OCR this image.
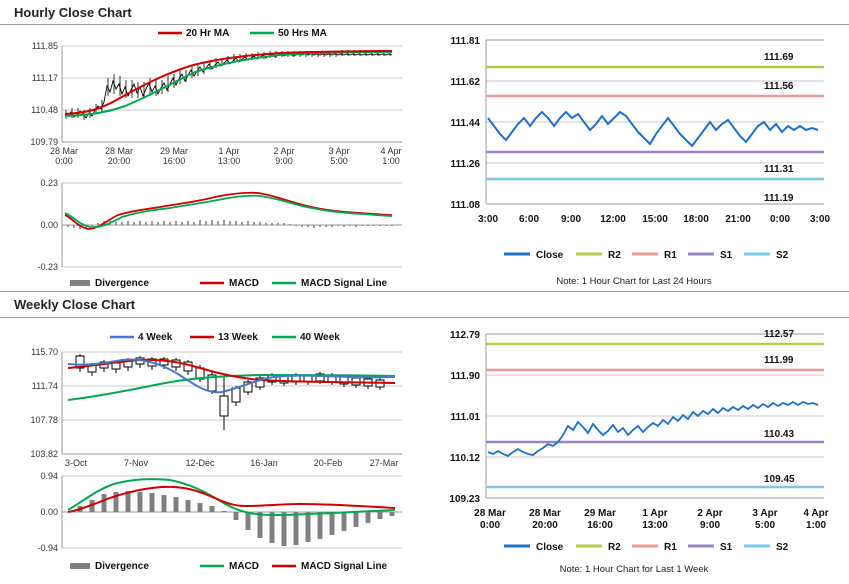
Hourly Close Chart
20 Hr MA	50 Hrs MA
111.85
111.17
110.48
109.79
28 Mar
0:00
28 Mar
20:00
29 Mar
16:00
1 Apr
13:00
2 Apr
9:00
3 Apr
5:00
4 Apr
1:00
0.23
0.00
-0.23
Divergence	MACD	MACD Signal Line
111.81
111.62
111.44
111.26
111.08
111.69
111.56
111.31
111.19
3:00 6:00 9:00 12:00 15:00 18:00 21:00 0:00 3:00
Close	R2	R1	S1	S2
Note: 1 Hour Chart for Last 24 Hours
Weekly Close Chart
4 Week	13 Week	40 Week
115.70
111.74
107.78
103.82
3-Oct	7-Nov	12-Dec	16-Jan	20-Feb	27-Mar
0.94
0.00
-0.94
Divergence	MACD	MACD Signal Line
112.79
111.90
111.01
110.12
109.23
112.57
111.99
110.43
109.45
28 Mar
0:00
28 Mar
20:00
29 Mar
16:00
1 Apr
13:00
2 Apr
9:00
3 Apr
5:00
4 Apr
1:00
Close	R2	R1	S1	S2
Note: 1 Hour Chart for Last 1 Week
